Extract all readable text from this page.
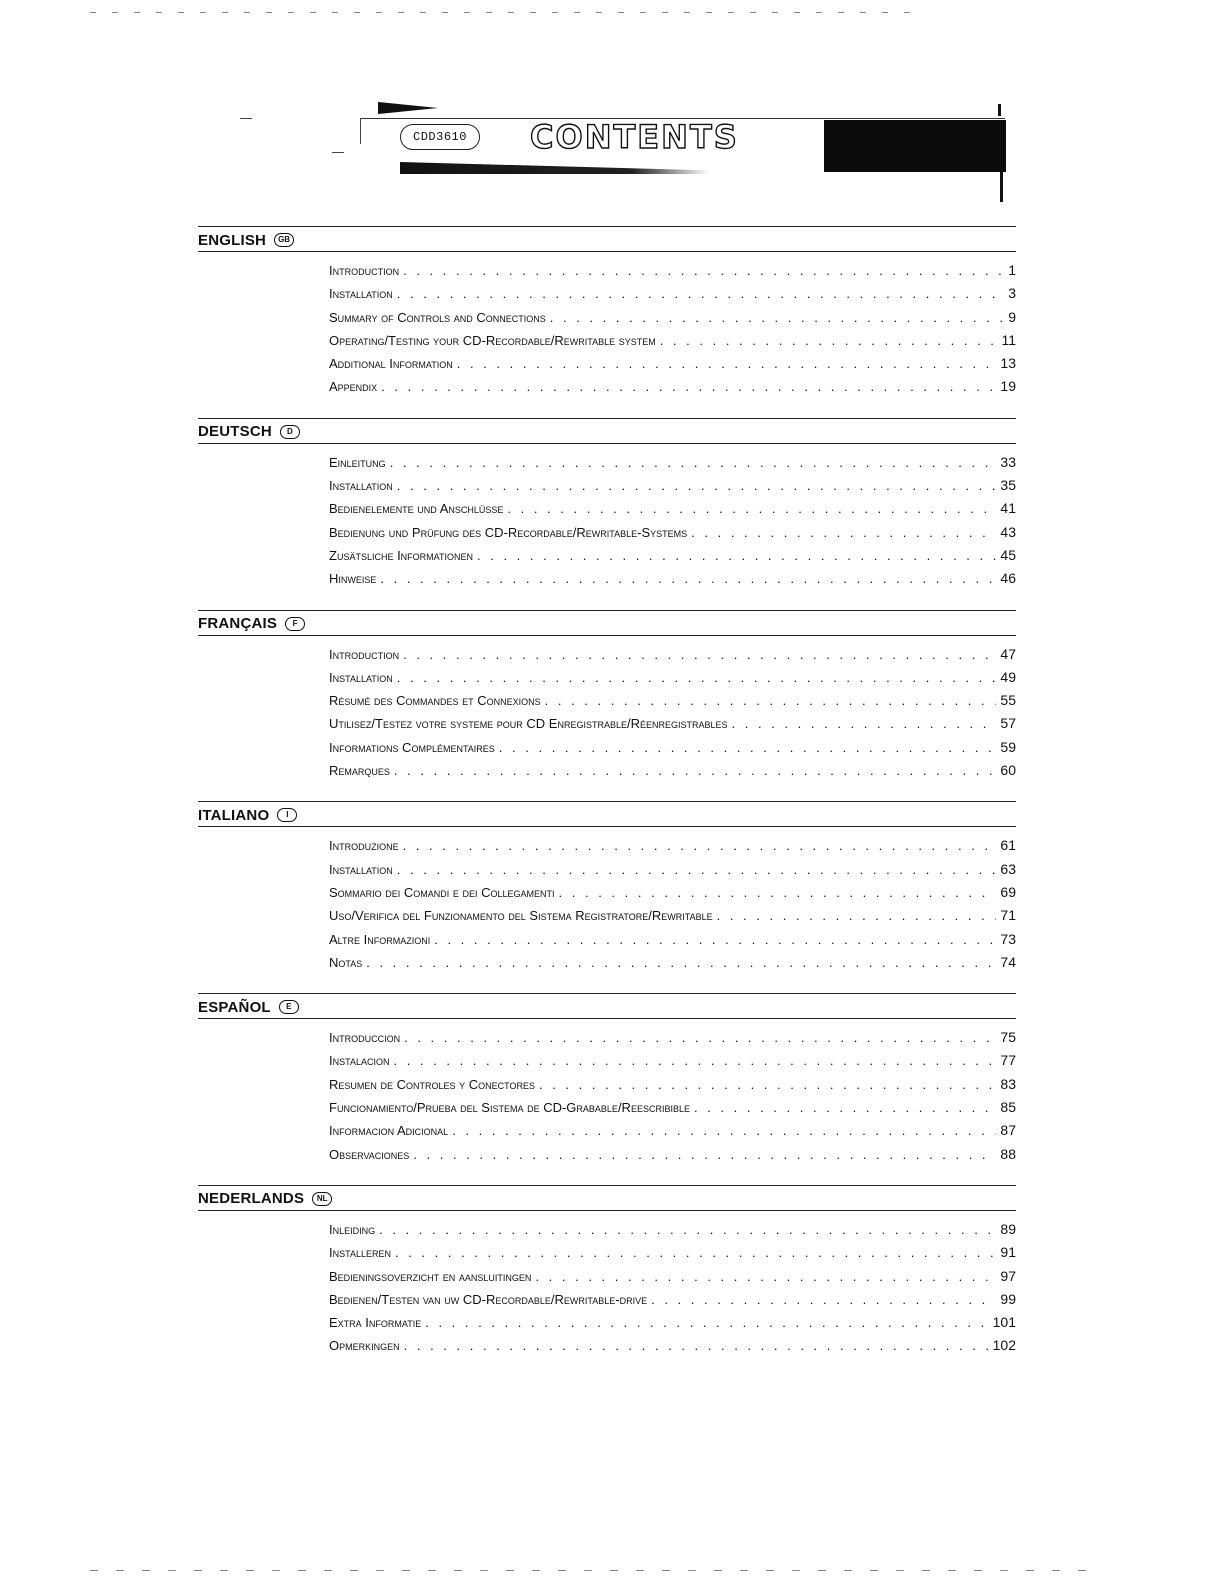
CDD3610	CONTENTS
ENGLISH	GB
Introduction . . .	1
Installation . . .	3
Summary of Controls and Connections . . .	9
Operating/Testing your CD-Recordable/Rewritable system . . .	11
Additional Information . . .	13
Appendix . . .	19
DEUTSCH	D
Einleitung . . .	33
Installation . . .	35
Bedienelemente und Anschlüsse . . .	41
Bedienung und Prüfung des CD-Recordable/Rewritable-Systems . . .	43
Zusätsliche Informationen . . .	45
Hinweise . . .	46
FRANÇAIS	F
Introduction . . .	47
Installation . . .	49
Résumé des Commandes et Connexions . . .	55
Utilisez/Testez votre systeme pour CD Enregistrable/Réenregistrables . . .	57
Informations Complémentaires . . .	59
Remarques . . .	60
ITALIANO	I
Introduzione . . .	61
Installation . . .	63
Sommario dei Comandi e dei Collegamenti . . .	69
Uso/Verifica del Funzionamento del Sistema Registratore/Rewritable . . .	71
Altre Informazioni . . .	73
Notas . . .	74
ESPAÑOL	E
Introduccion . . .	75
Instalacion . . .	77
Resumen de Controles y Conectores . . .	83
Funcionamiento/Prueba del Sistema de CD-Grabable/Reescribible . . .	85
Informacion Adicional . . .	87
Observaciones . . .	88
NEDERLANDS	NL
Inleiding . . .	89
Installeren . . .	91
Bedieningsoverzicht en aansluitingen . . .	97
Bedienen/Testen van uw CD-Recordable/Rewritable-drive . . .	99
Extra Informatie . . .	101
Opmerkingen . . .	102
